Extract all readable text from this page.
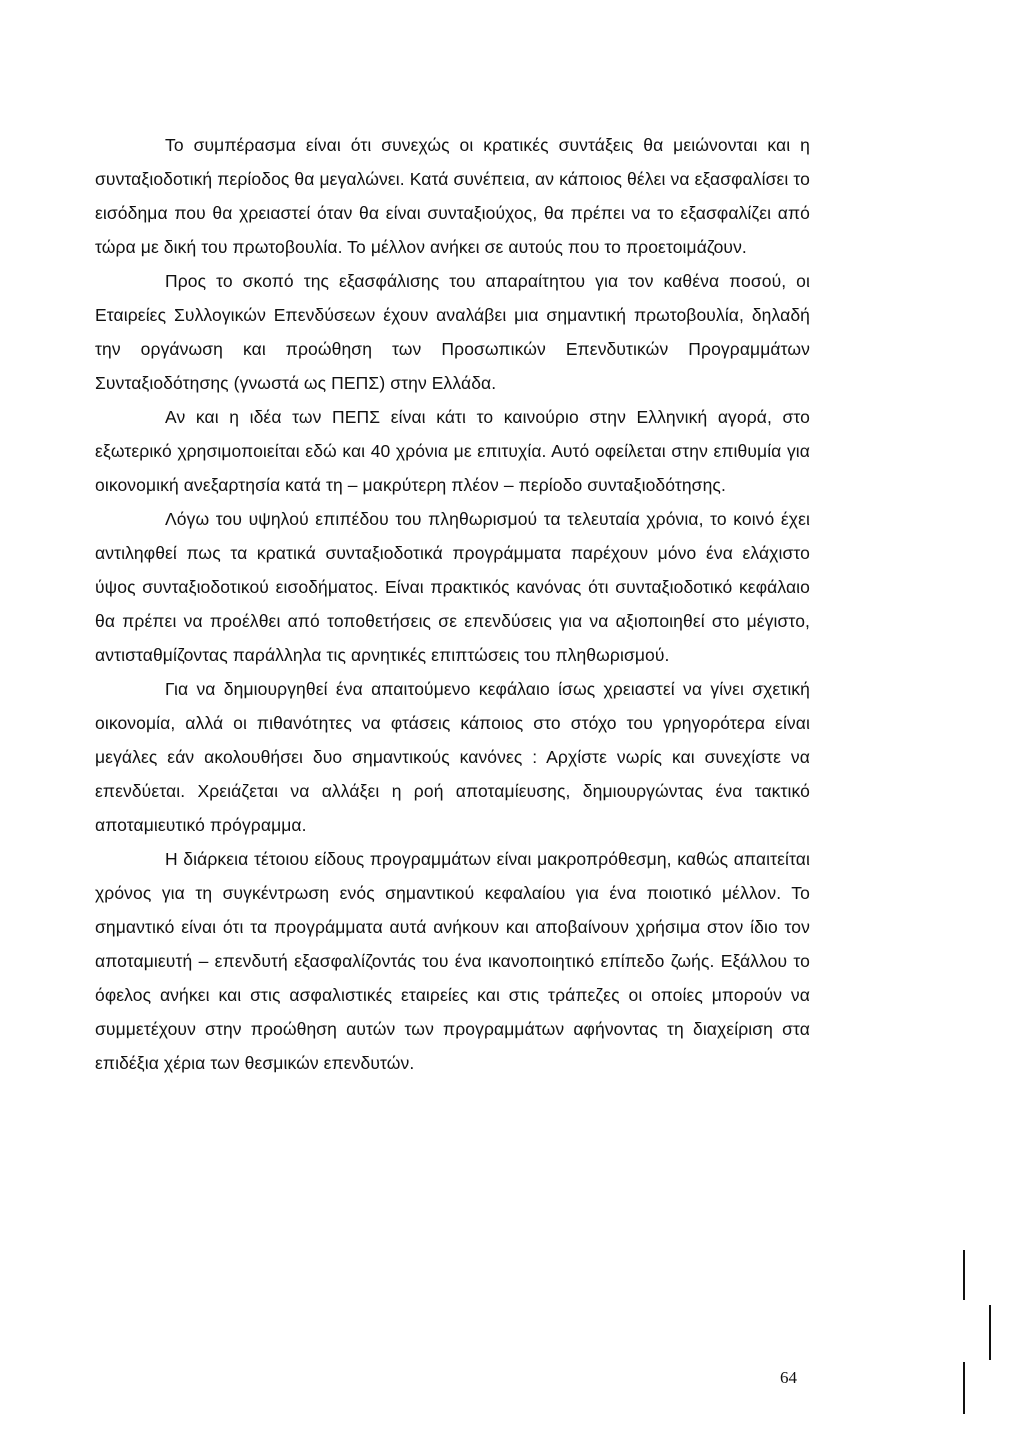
Το συμπέρασμα είναι ότι συνεχώς οι κρατικές συντάξεις θα μειώνονται και η συνταξιοδοτική περίοδος θα μεγαλώνει. Κατά συνέπεια, αν κάποιος θέλει να εξασφαλίσει το εισόδημα που θα χρειαστεί όταν θα είναι συνταξιούχος, θα πρέπει να το εξασφαλίζει από τώρα με δική του πρωτοβουλία. Το μέλλον ανήκει σε αυτούς που το προετοιμάζουν.

Προς το σκοπό της εξασφάλισης του απαραίτητου για τον καθένα ποσού, οι Εταιρείες Συλλογικών Επενδύσεων έχουν αναλάβει μια σημαντική πρωτοβουλία, δηλαδή την οργάνωση και προώθηση των Προσωπικών Επενδυτικών Προγραμμάτων Συνταξιοδότησης (γνωστά ως ΠΕΠΣ) στην Ελλάδα.

Αν και η ιδέα των ΠΕΠΣ είναι κάτι το καινούριο στην Ελληνική αγορά, στο εξωτερικό χρησιμοποιείται εδώ και 40 χρόνια με επιτυχία. Αυτό οφείλεται στην επιθυμία για οικονομική ανεξαρτησία κατά τη – μακρύτερη πλέον – περίοδο συνταξιοδότησης.

Λόγω του υψηλού επιπέδου του πληθωρισμού τα τελευταία χρόνια, το κοινό έχει αντιληφθεί πως τα κρατικά συνταξιοδοτικά προγράμματα παρέχουν μόνο ένα ελάχιστο ύψος συνταξιοδοτικού εισοδήματος. Είναι πρακτικός κανόνας ότι συνταξιοδοτικό κεφάλαιο θα πρέπει να προέλθει από τοποθετήσεις σε επενδύσεις για να αξιοποιηθεί στο μέγιστο, αντισταθμίζοντας παράλληλα τις αρνητικές επιπτώσεις του πληθωρισμού.

Για να δημιουργηθεί ένα απαιτούμενο κεφάλαιο ίσως χρειαστεί να γίνει σχετική οικονομία, αλλά οι πιθανότητες να φτάσεις κάποιος στο στόχο του γρηγορότερα είναι μεγάλες εάν ακολουθήσει δυο σημαντικούς κανόνες : Αρχίστε νωρίς και συνεχίστε να επενδύεται. Χρειάζεται να αλλάξει η ροή αποταμίευσης, δημιουργώντας ένα τακτικό αποταμιευτικό πρόγραμμα.

Η διάρκεια τέτοιου είδους προγραμμάτων είναι μακροπρόθεσμη, καθώς απαιτείται χρόνος για τη συγκέντρωση ενός σημαντικού κεφαλαίου για ένα ποιοτικό μέλλον. Το σημαντικό είναι ότι τα προγράμματα αυτά ανήκουν και αποβαίνουν χρήσιμα στον ίδιο τον αποταμιευτή – επενδυτή εξασφαλίζοντάς του ένα ικανοποιητικό επίπεδο ζωής. Εξάλλου το όφελος ανήκει και στις ασφαλιστικές εταιρείες και στις τράπεζες οι οποίες μπορούν να συμμετέχουν στην προώθηση αυτών των προγραμμάτων αφήνοντας τη διαχείριση στα επιδέξια χέρια των θεσμικών επενδυτών.

64
